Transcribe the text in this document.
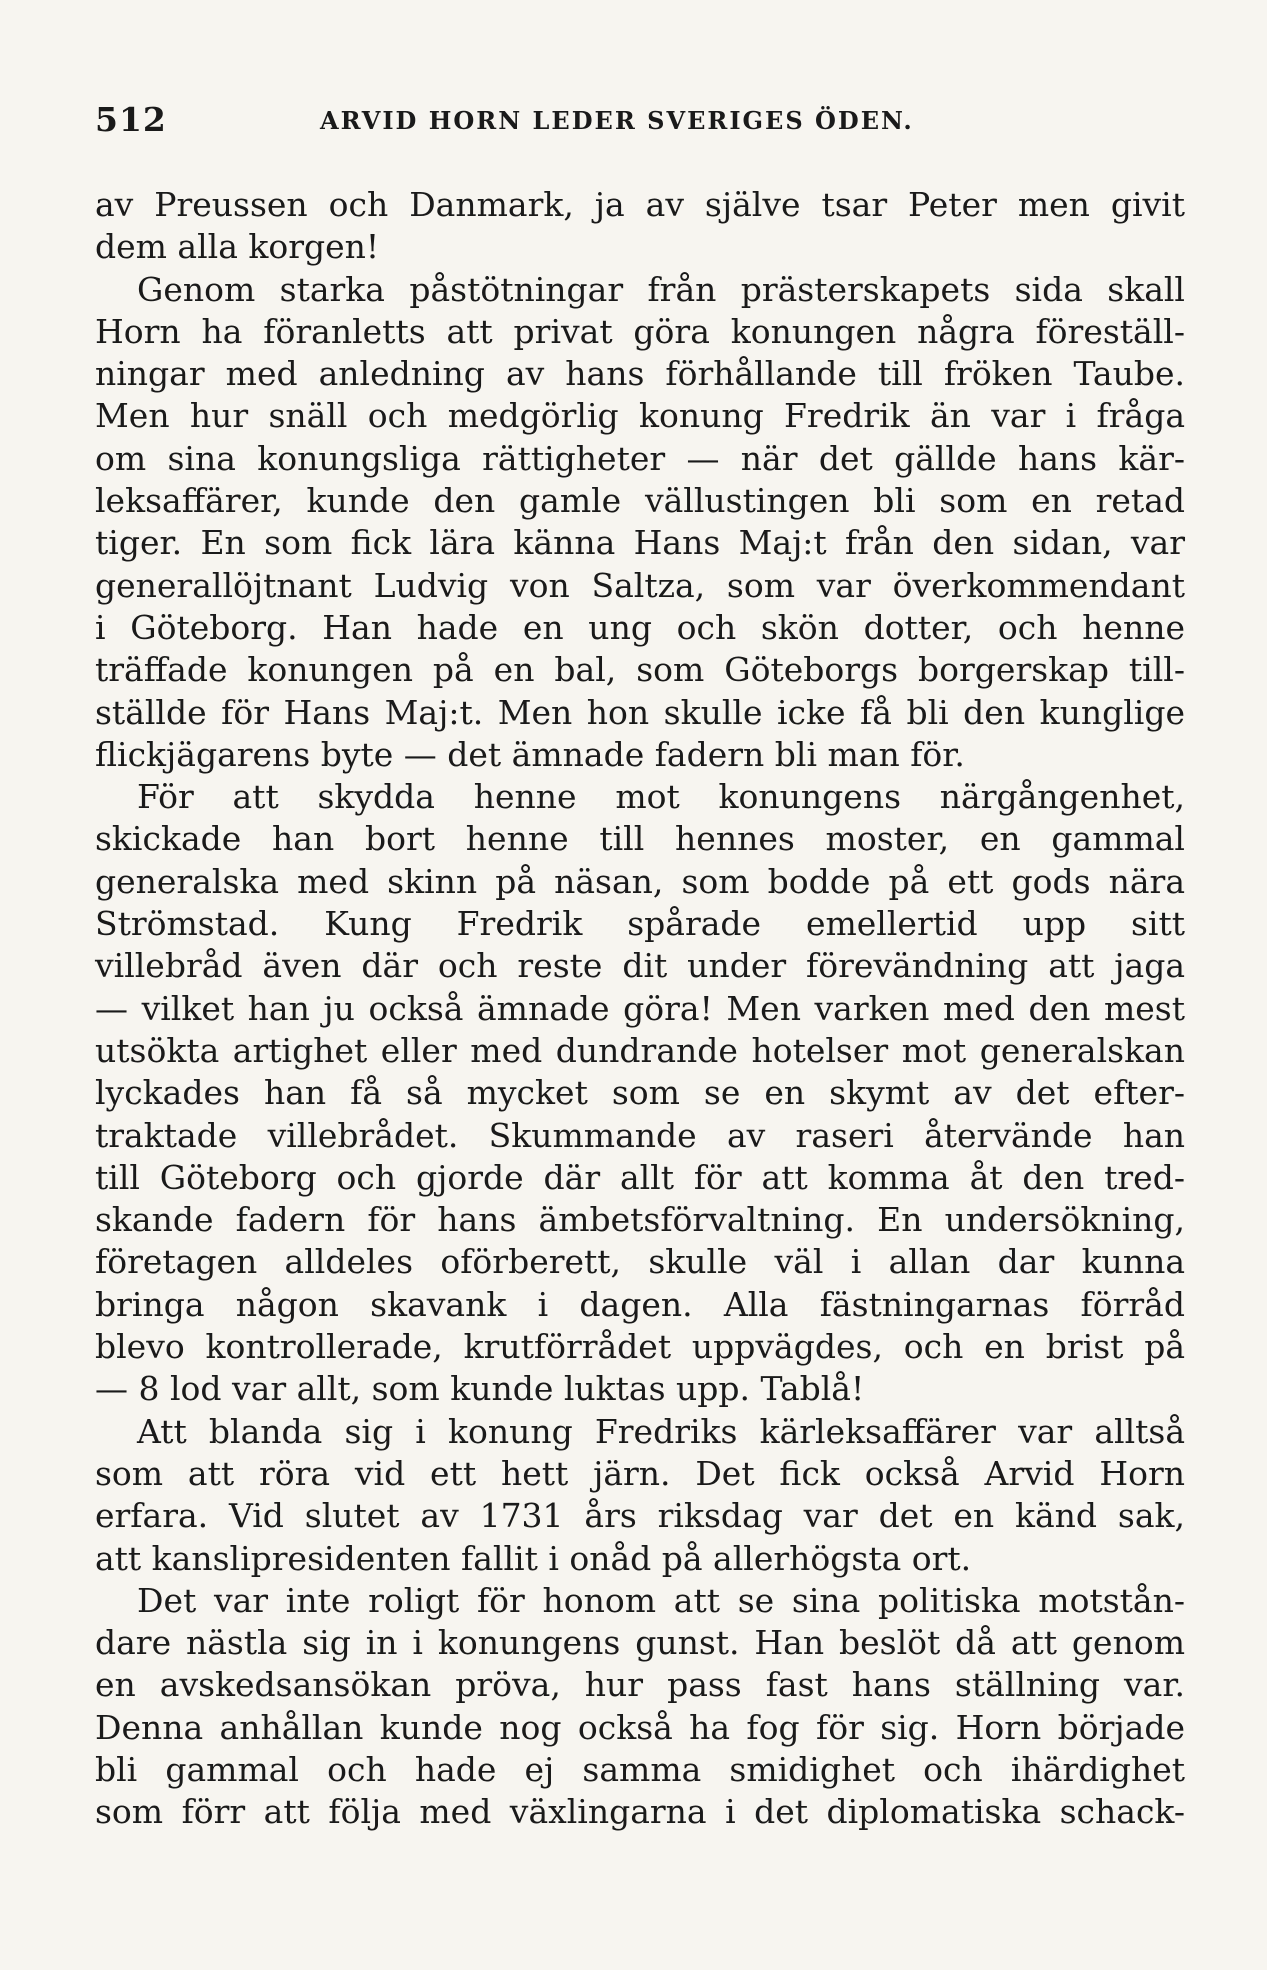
512	ARVID HORN LEDER SVERIGES ÖDEN.
av Preussen och Danmark, ja av själve tsar Peter men givit
dem alla korgen!
Genom starka påstötningar från prästerskapets sida skall
Horn ha föranletts att privat göra konungen några föreställ-
ningar med anledning av hans förhållande till fröken Taube.
Men hur snäll och medgörlig konung Fredrik än var i fråga
om sina konungsliga rättigheter — när det gällde hans kär-
leksaffärer, kunde den gamle vällustingen bli som en retad
tiger. En som fick lära känna Hans Maj:t från den sidan, var
generallöjtnant Ludvig von Saltza, som var överkommendant
i Göteborg. Han hade en ung och skön dotter, och henne
träffade konungen på en bal, som Göteborgs borgerskap till-
ställde för Hans Maj:t. Men hon skulle icke få bli den kunglige
flickjägarens byte — det ämnade fadern bli man för.
För att skydda henne mot konungens närgångenhet,
skickade han bort henne till hennes moster, en gammal
generalska med skinn på näsan, som bodde på ett gods nära
Strömstad. Kung Fredrik spårade emellertid upp sitt
villebråd även där och reste dit under förevändning att jaga
— vilket han ju också ämnade göra! Men varken med den mest
utsökta artighet eller med dundrande hotelser mot generalskan
lyckades han få så mycket som se en skymt av det efter-
traktade villebrådet. Skummande av raseri återvände han
till Göteborg och gjorde där allt för att komma åt den tred-
skande fadern för hans ämbetsförvaltning. En undersökning,
företagen alldeles oförberett, skulle väl i allan dar kunna
bringa någon skavank i dagen. Alla fästningarnas förråd
blevo kontrollerade, krutförrådet uppvägdes, och en brist på
— 8 lod var allt, som kunde luktas upp. Tablå!
Att blanda sig i konung Fredriks kärleksaffärer var alltså
som att röra vid ett hett järn. Det fick också Arvid Horn
erfara. Vid slutet av 1731 års riksdag var det en känd sak,
att kanslipresidenten fallit i onåd på allerhögsta ort.
Det var inte roligt för honom att se sina politiska motstån-
dare nästla sig in i konungens gunst. Han beslöt då att genom
en avskedsansökan pröva, hur pass fast hans ställning var.
Denna anhållan kunde nog också ha fog för sig. Horn började
bli gammal och hade ej samma smidighet och ihärdighet
som förr att följa med växlingarna i det diplomatiska schack-
